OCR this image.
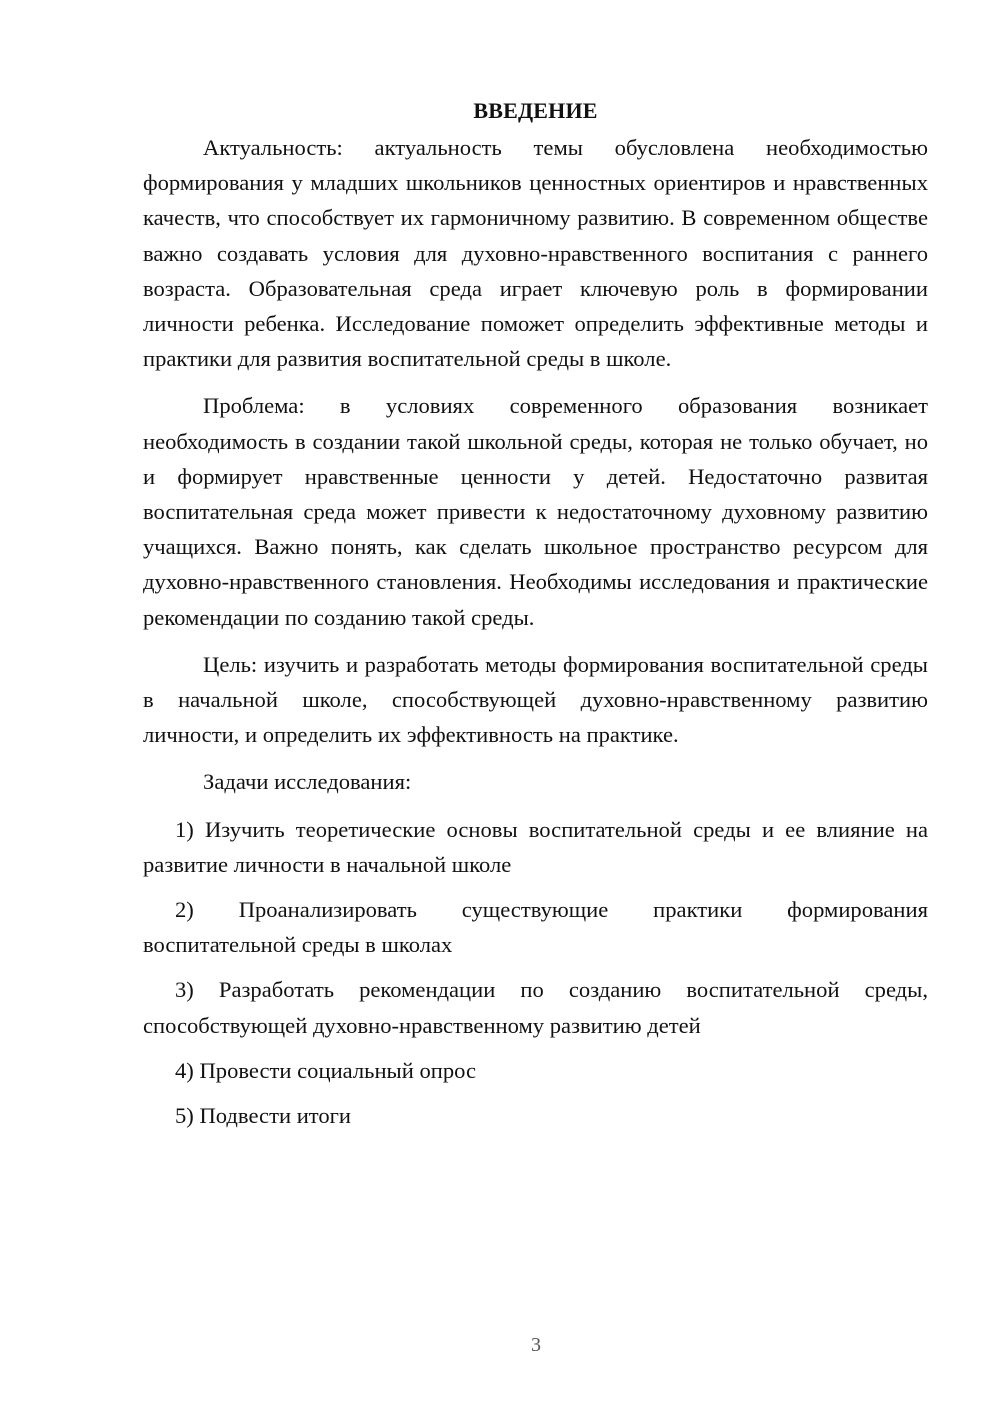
ВВЕДЕНИЕ

Актуальность: актуальность темы обусловлена необходимостью формирования у младших школьников ценностных ориентиров и нравственных качеств, что способствует их гармоничному развитию. В современном обществе важно создавать условия для духовно-нравственного воспитания с раннего возраста. Образовательная среда играет ключевую роль в формировании личности ребенка. Исследование поможет определить эффективные методы и практики для развития воспитательной среды в школе.

Проблема: в условиях современного образования возникает необходимость в создании такой школьной среды, которая не только обучает, но и формирует нравственные ценности у детей. Недостаточно развитая воспитательная среда может привести к недостаточному духовному развитию учащихся. Важно понять, как сделать школьное пространство ресурсом для духовно-нравственного становления. Необходимы исследования и практические рекомендации по созданию такой среды.

Цель: изучить и разработать методы формирования воспитательной среды в начальной школе, способствующей духовно-нравственному развитию личности, и определить их эффективность на практике.

Задачи исследования:

1) Изучить теоретические основы воспитательной среды и ее влияние на развитие личности в начальной школе

2) Проанализировать существующие практики формирования воспитательной среды в школах

3) Разработать рекомендации по созданию воспитательной среды, способствующей духовно-нравственному развитию детей

4) Провести социальный опрос

5) Подвести итоги

3
